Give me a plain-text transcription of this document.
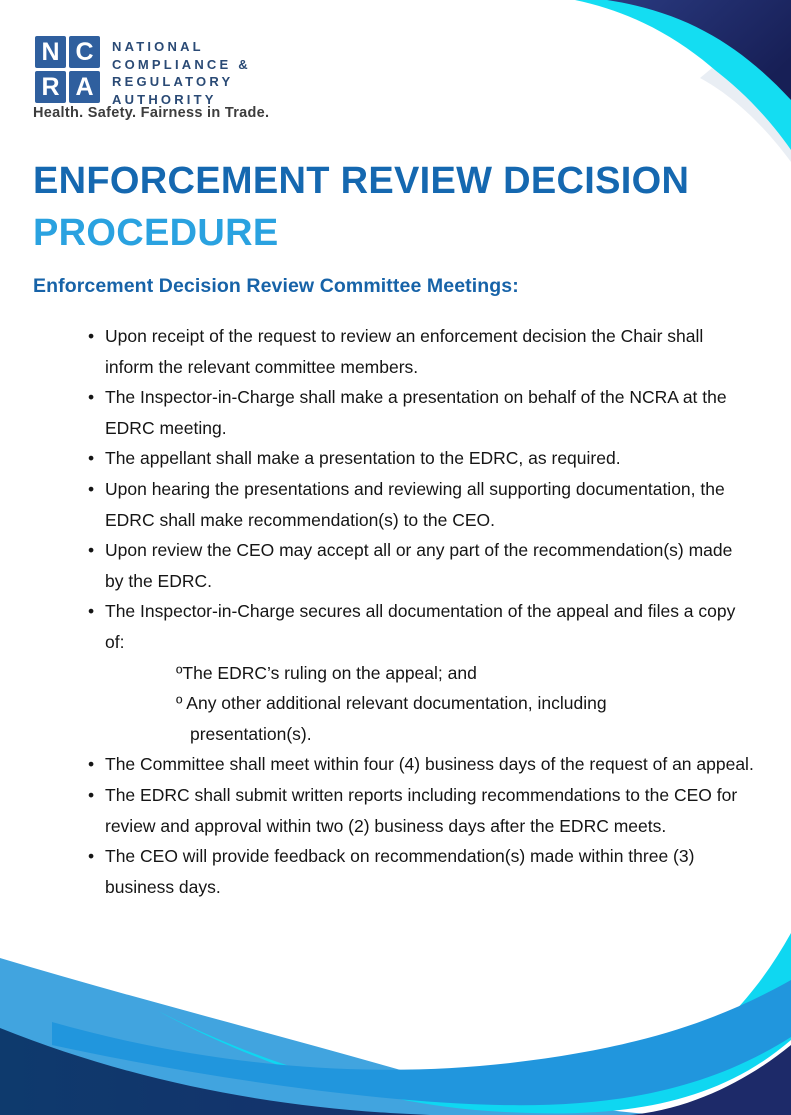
N C
R A
NATIONAL
COMPLIANCE &
REGULATORY
AUTHORITY
Health. Safety. Fairness in Trade.
ENFORCEMENT REVIEW DECISION
PROCEDURE
Enforcement Decision Review Committee Meetings:
• Upon receipt of the request to review an enforcement decision the Chair shall inform the relevant committee members.
• The Inspector-in-Charge shall make a presentation on behalf of the NCRA at the EDRC meeting.
• The appellant shall make a presentation to the EDRC, as required.
• Upon hearing the presentations and reviewing all supporting documentation, the EDRC shall make recommendation(s) to the CEO.
• Upon review the CEO may accept all or any part of the recommendation(s) made by the EDRC.
• The Inspector-in-Charge secures all documentation of the appeal and files a copy of:
ºThe EDRC’s ruling on the appeal; and
º Any other additional relevant documentation, including presentation(s).
• The Committee shall meet within four (4) business days of the request of an appeal.
• The EDRC shall submit written reports including recommendations to the CEO for review and approval within two (2) business days after the EDRC meets.
• The CEO will provide feedback on recommendation(s) made within three (3) business days.
